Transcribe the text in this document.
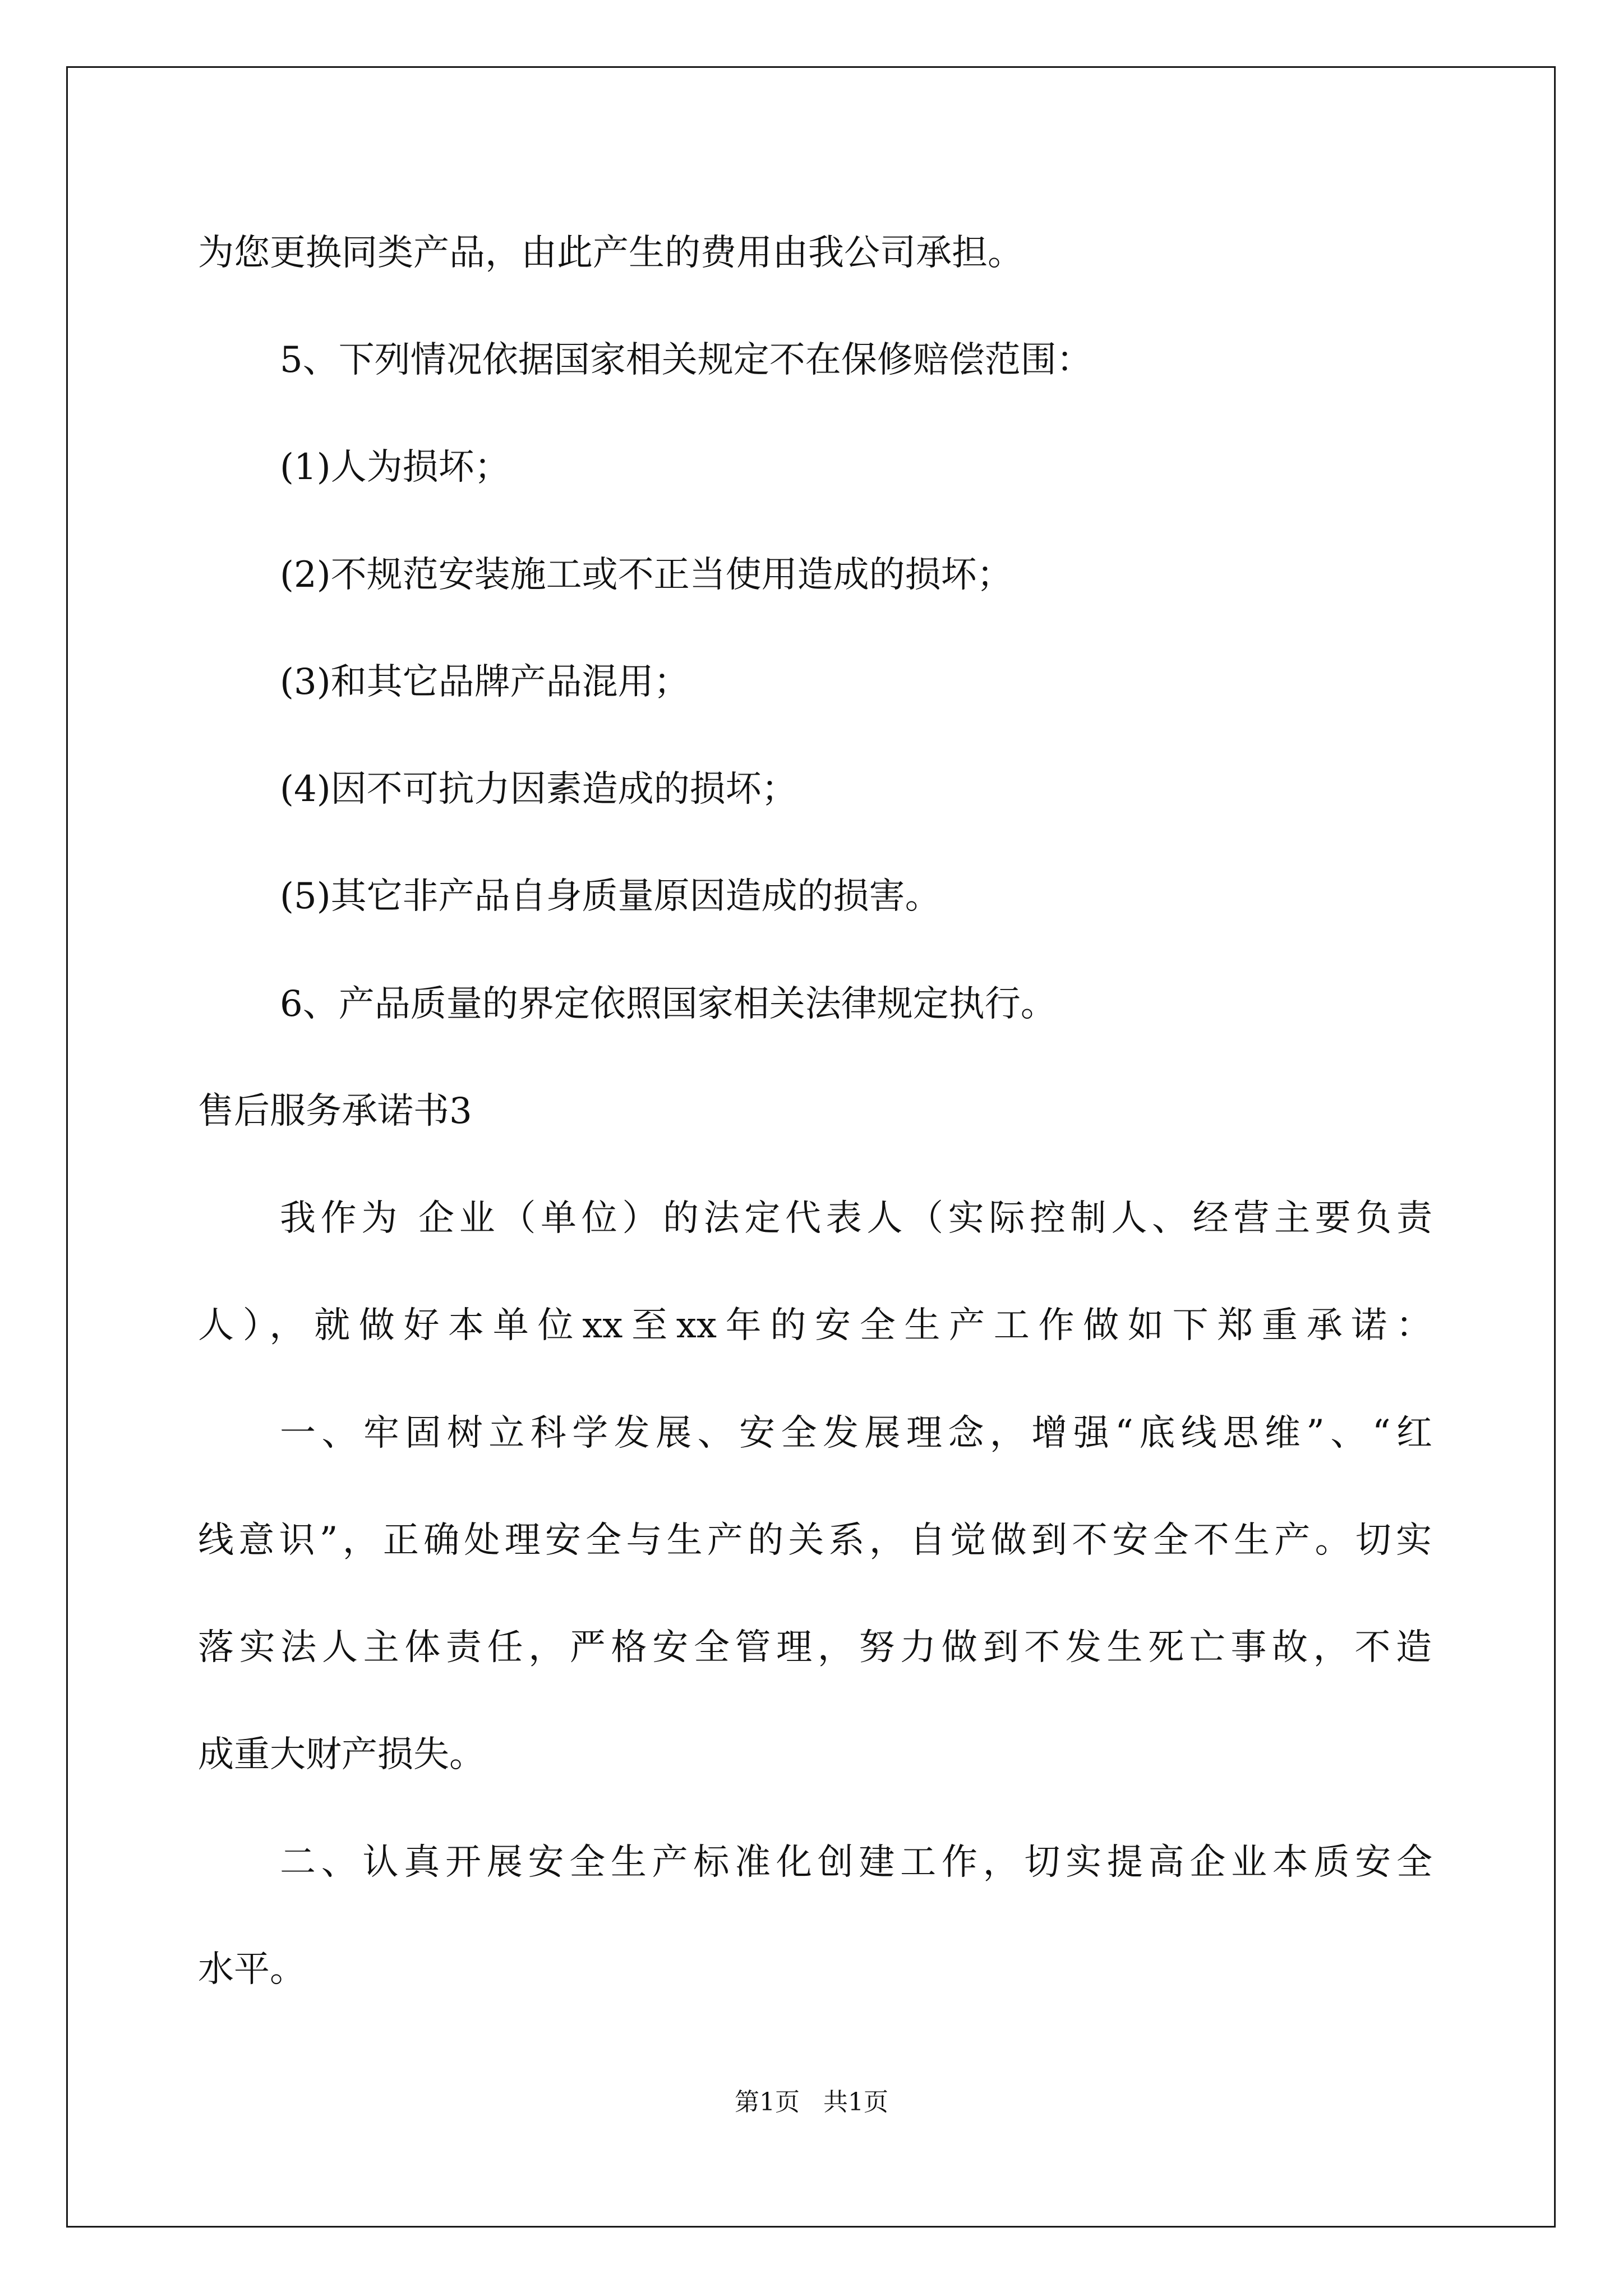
为您更换同类产品，由此产生的费用由我公司承担。
5、下列情况依据国家相关规定不在保修赔偿范围：
(1)人为损坏；
(2)不规范安装施工或不正当使用造成的损坏；
(3)和其它品牌产品混用；
(4)因不可抗力因素造成的损坏；
(5)其它非产品自身质量原因造成的损害。
6、产品质量的界定依照国家相关法律规定执行。
售后服务承诺书3
我作为 企业（单位）的法定代表人（实际控制人、经营主要负责
人），就做好本单位xx至xx年的安全生产工作做如下郑重承诺：
一、牢固树立科学发展、安全发展理念，增强“底线思维”、“红
线意识”，正确处理安全与生产的关系，自觉做到不安全不生产。切实
落实法人主体责任，严格安全管理，努力做到不发生死亡事故，不造
成重大财产损失。
二、认真开展安全生产标准化创建工作，切实提高企业本质安全
水平。
第1页   共1页
